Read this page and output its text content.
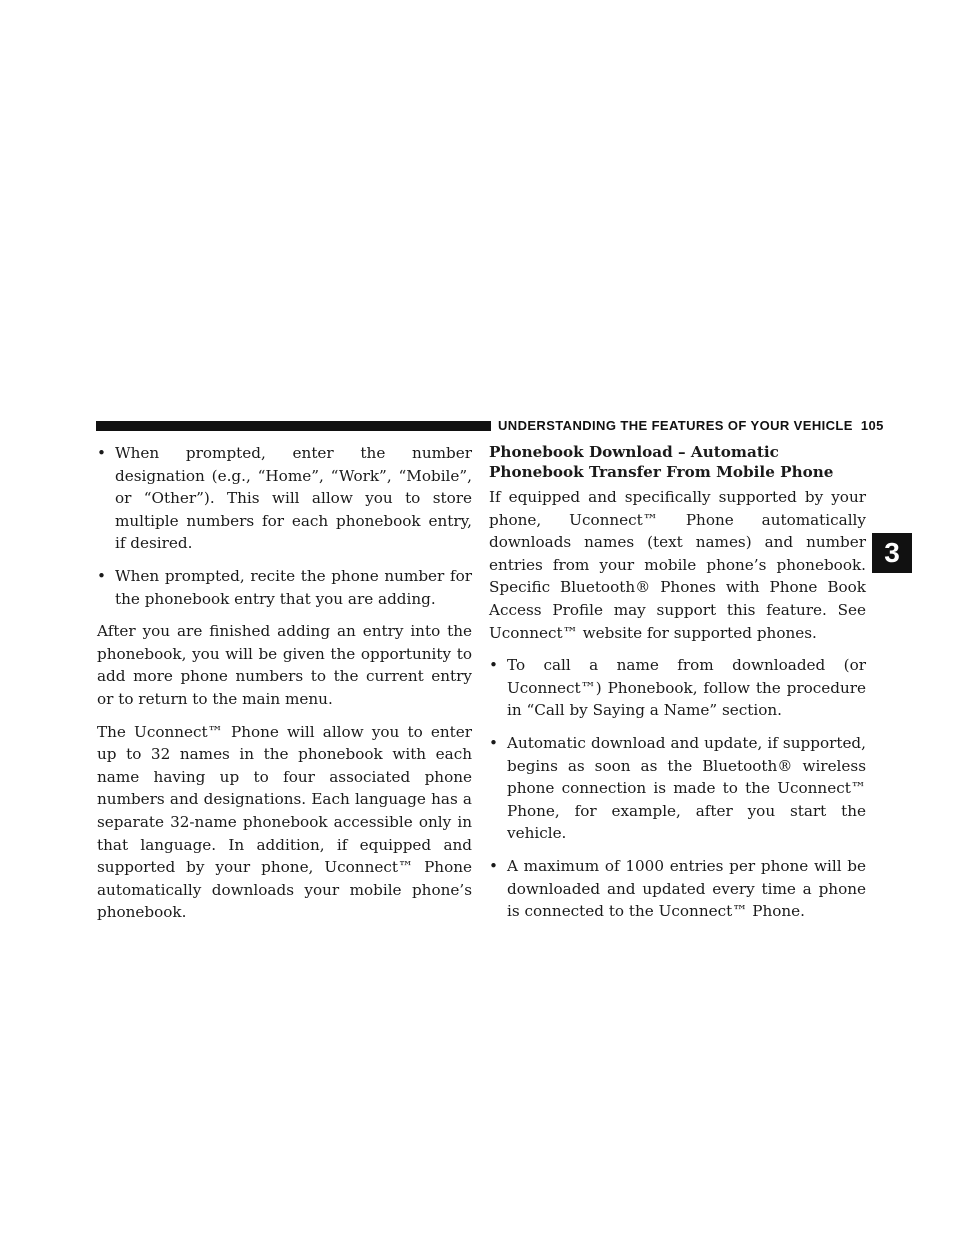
UNDERSTANDING THE FEATURES OF YOUR VEHICLE 105
3
• When prompted, enter the number designation (e.g., “Home”, “Work”, “Mobile”, or “Other”). This will allow you to store multiple numbers for each phonebook entry, if desired.
• When prompted, recite the phone number for the phonebook entry that you are adding.

After you are finished adding an entry into the phonebook, you will be given the opportunity to add more phone numbers to the current entry or to return to the main menu.

The Uconnect™ Phone will allow you to enter up to 32 names in the phonebook with each name having up to four associated phone numbers and designations. Each language has a separate 32-name phonebook accessible only in that language. In addition, if equipped and supported by your phone, Uconnect™ Phone automatically downloads your mobile phone’s phonebook.

Phonebook Download – Automatic Phonebook Transfer From Mobile Phone

If equipped and specifically supported by your phone, Uconnect™ Phone automatically downloads names (text names) and number entries from your mobile phone’s phonebook. Specific Bluetooth® Phones with Phone Book Access Profile may support this feature. See Uconnect™ website for supported phones.

• To call a name from downloaded (or Uconnect™) Phonebook, follow the procedure in “Call by Saying a Name” section.
• Automatic download and update, if supported, begins as soon as the Bluetooth® wireless phone connection is made to the Uconnect™ Phone, for example, after you start the vehicle.
• A maximum of 1000 entries per phone will be downloaded and updated every time a phone is connected to the Uconnect™ Phone.
